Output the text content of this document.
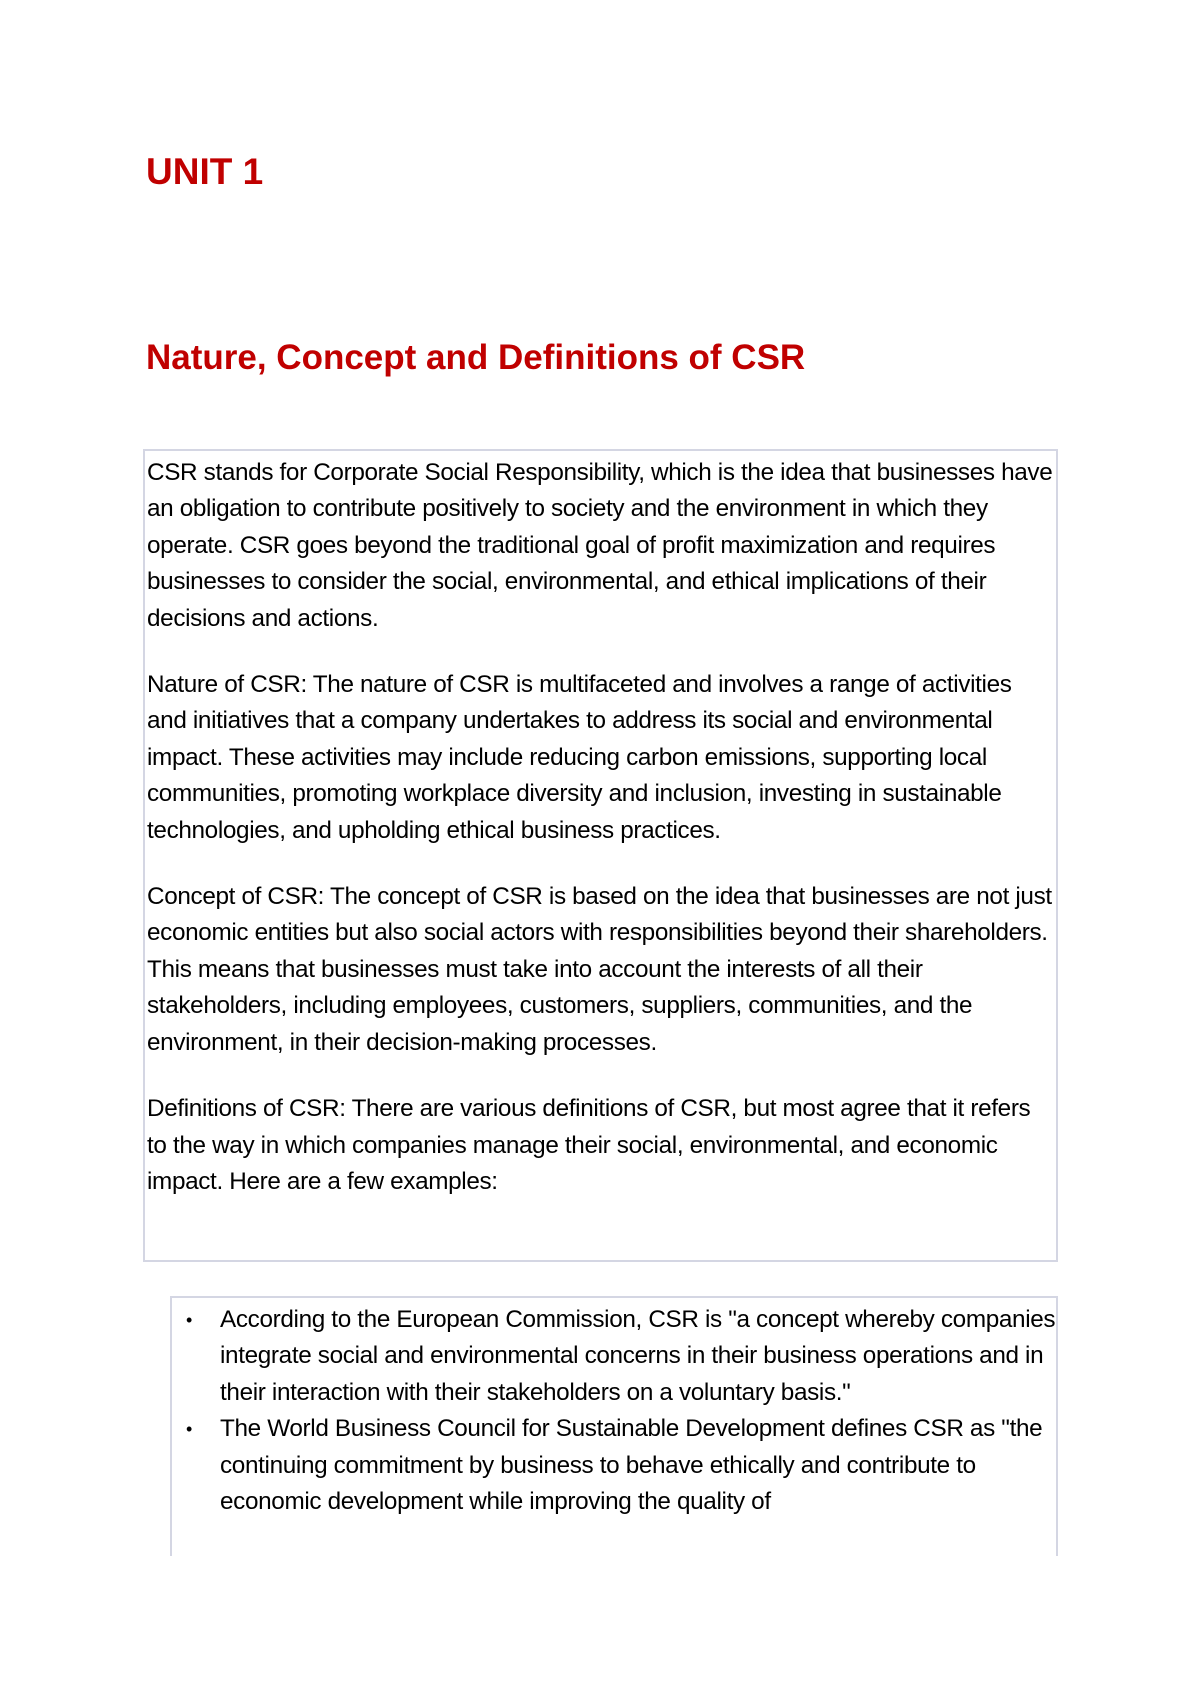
UNIT 1
Nature, Concept and Definitions of CSR

CSR stands for Corporate Social Responsibility, which is the idea that businesses have an obligation to contribute positively to society and the environment in which they operate. CSR goes beyond the traditional goal of profit maximization and requires businesses to consider the social, environmental, and ethical implications of their decisions and actions.

Nature of CSR: The nature of CSR is multifaceted and involves a range of activities and initiatives that a company undertakes to address its social and environmental impact. These activities may include reducing carbon emissions, supporting local communities, promoting workplace diversity and inclusion, investing in sustainable technologies, and upholding ethical business practices.

Concept of CSR: The concept of CSR is based on the idea that businesses are not just economic entities but also social actors with responsibilities beyond their shareholders. This means that businesses must take into account the interests of all their stakeholders, including employees, customers, suppliers, communities, and the environment, in their decision-making processes.

Definitions of CSR: There are various definitions of CSR, but most agree that it refers to the way in which companies manage their social, environmental, and economic impact. Here are a few examples:

• According to the European Commission, CSR is "a concept whereby companies integrate social and environmental concerns in their business operations and in their interaction with their stakeholders on a voluntary basis."
• The World Business Council for Sustainable Development defines CSR as "the continuing commitment by business to behave ethically and contribute to economic development while improving the quality of
